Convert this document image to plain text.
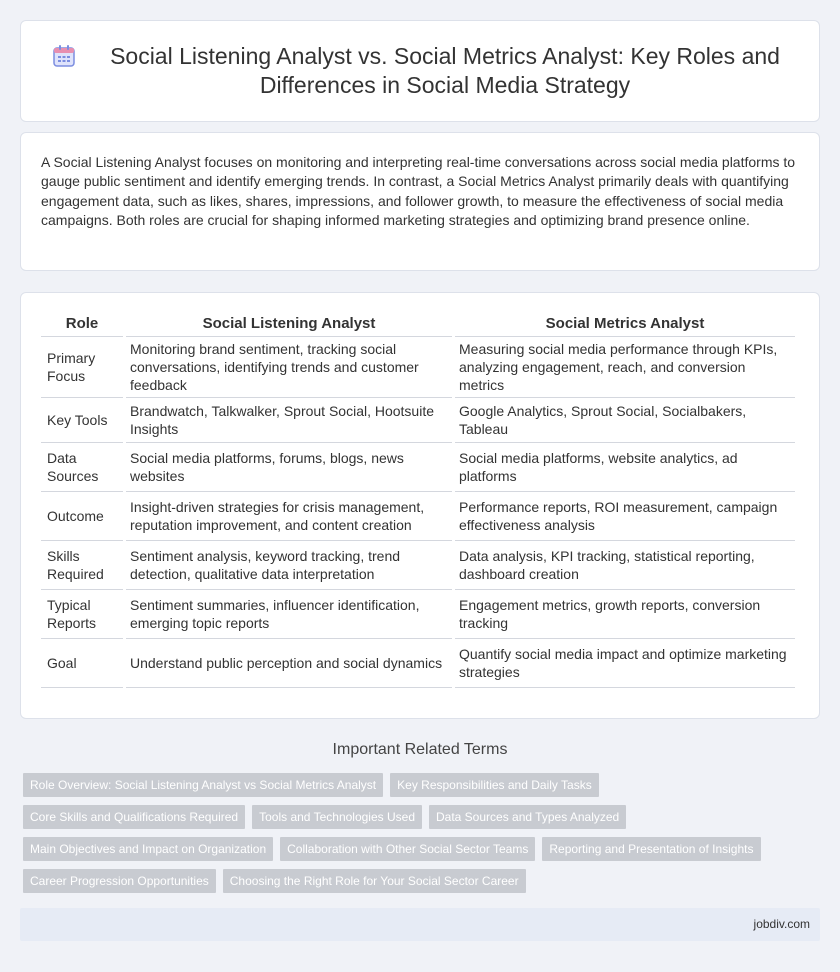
Social Listening Analyst vs. Social Metrics Analyst: Key Roles and Differences in Social Media Strategy

A Social Listening Analyst focuses on monitoring and interpreting real-time conversations across social media platforms to gauge public sentiment and identify emerging trends. In contrast, a Social Metrics Analyst primarily deals with quantifying engagement data, such as likes, shares, impressions, and follower growth, to measure the effectiveness of social media campaigns. Both roles are crucial for shaping informed marketing strategies and optimizing brand presence online.

Role	Social Listening Analyst	Social Metrics Analyst
Primary Focus	Monitoring brand sentiment, tracking social conversations, identifying trends and customer feedback	Measuring social media performance through KPIs, analyzing engagement, reach, and conversion metrics
Key Tools	Brandwatch, Talkwalker, Sprout Social, Hootsuite Insights	Google Analytics, Sprout Social, Socialbakers, Tableau
Data Sources	Social media platforms, forums, blogs, news websites	Social media platforms, website analytics, ad platforms
Outcome	Insight-driven strategies for crisis management, reputation improvement, and content creation	Performance reports, ROI measurement, campaign effectiveness analysis
Skills Required	Sentiment analysis, keyword tracking, trend detection, qualitative data interpretation	Data analysis, KPI tracking, statistical reporting, dashboard creation
Typical Reports	Sentiment summaries, influencer identification, emerging topic reports	Engagement metrics, growth reports, conversion tracking
Goal	Understand public perception and social dynamics	Quantify social media impact and optimize marketing strategies
Important Related Terms
Role Overview: Social Listening Analyst vs Social Metrics Analyst	Key Responsibilities and Daily Tasks
Core Skills and Qualifications Required	Tools and Technologies Used	Data Sources and Types Analyzed
Main Objectives and Impact on Organization	Collaboration with Other Social Sector Teams	Reporting and Presentation of Insights
Career Progression Opportunities	Choosing the Right Role for Your Social Sector Career
jobdiv.com
